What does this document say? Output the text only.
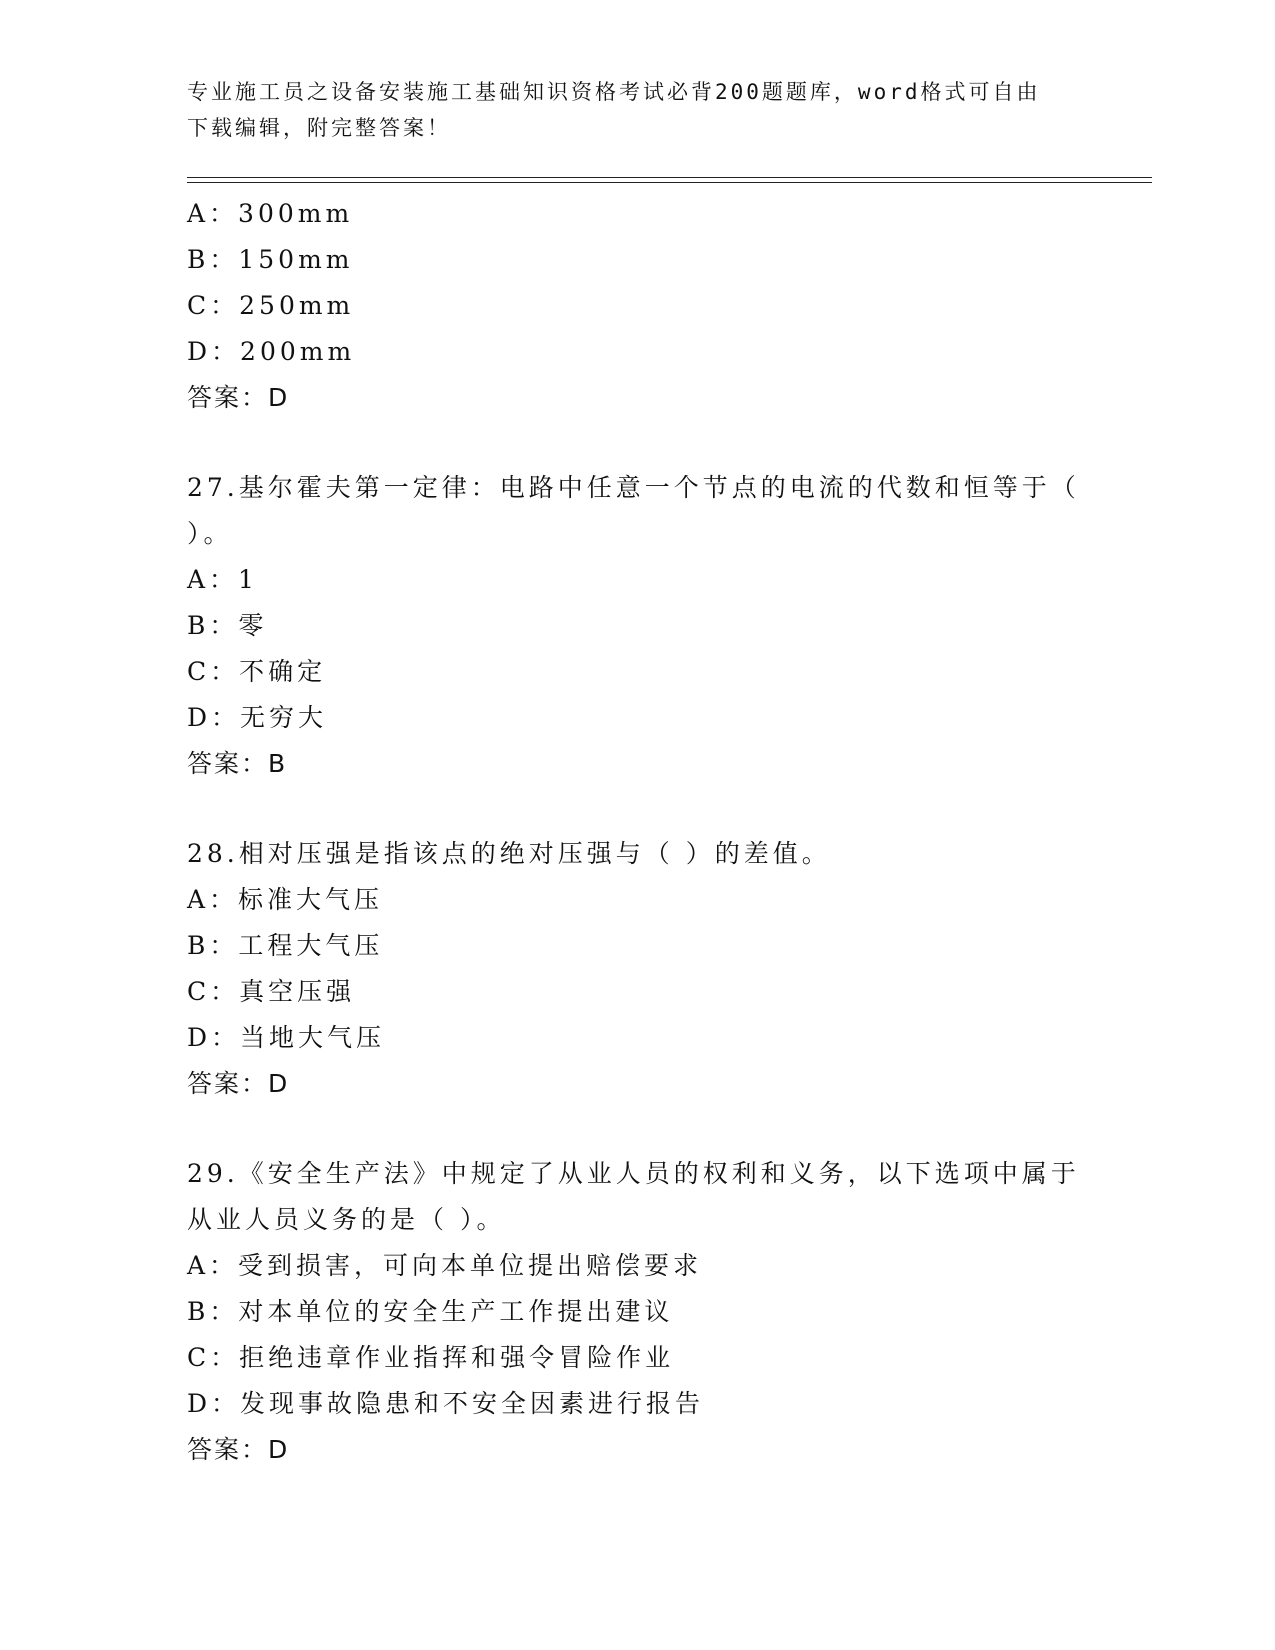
专业施工员之设备安装施工基础知识资格考试必背200题题库，word格式可自由
下载编辑，附完整答案！
A：300mm
B：150mm
C：250mm
D：200mm
答案：D
27.基尔霍夫第一定律：电路中任意一个节点的电流的代数和恒等于（
）。
A：1
B：零
C：不确定
D：无穷大
答案：B
28.相对压强是指该点的绝对压强与（ ）的差值。
A：标准大气压
B：工程大气压
C：真空压强
D：当地大气压
答案：D
29.《安全生产法》中规定了从业人员的权利和义务，以下选项中属于
从业人员义务的是（ ）。
A：受到损害，可向本单位提出赔偿要求
B：对本单位的安全生产工作提出建议
C：拒绝违章作业指挥和强令冒险作业
D：发现事故隐患和不安全因素进行报告
答案：D
